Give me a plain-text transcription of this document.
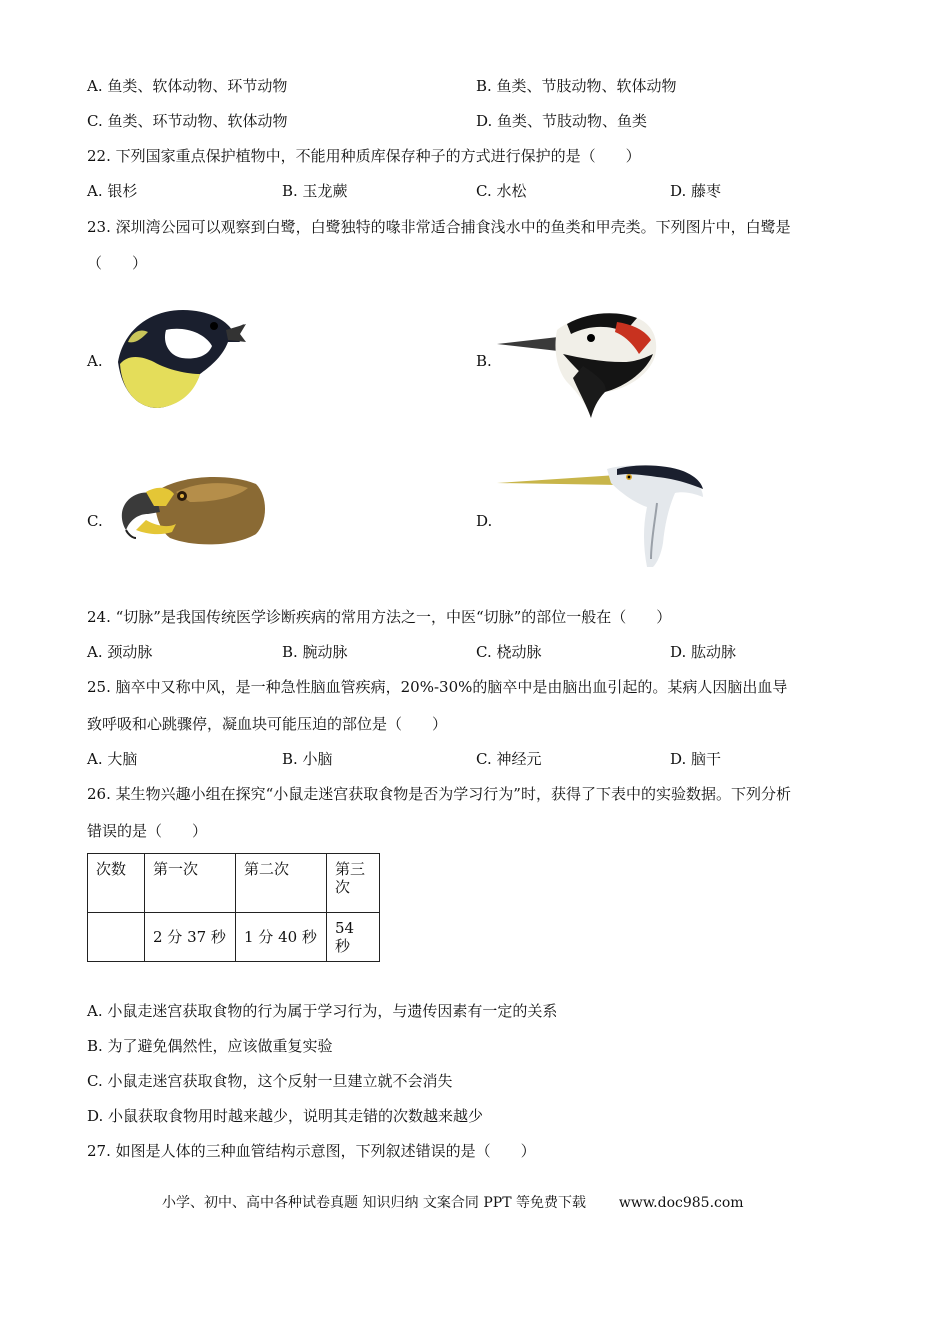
A. 鱼类、软体动物、环节动物	B. 鱼类、节肢动物、软体动物
C. 鱼类、环节动物、软体动物	D. 鱼类、节肢动物、鱼类
22. 下列国家重点保护植物中，不能用种质库保存种子的方式进行保护的是（　　）
A. 银杉	B. 玉龙蕨	C. 水松	D. 藤枣
23. 深圳湾公园可以观察到白鹭，白鹭独特的喙非常适合捕食浅水中的鱼类和甲壳类。下列图片中，白鹭是
（　　）
A.	B.
C.	D.
24. “切脉”是我国传统医学诊断疾病的常用方法之一，中医“切脉”的部位一般在（　　）
A. 颈动脉	B. 腕动脉	C. 桡动脉	D. 肱动脉
25. 脑卒中又称中风，是一种急性脑血管疾病，20%-30%的脑卒中是由脑出血引起的。某病人因脑出血导
致呼吸和心跳骤停，凝血块可能压迫的部位是（　　）
A. 大脑	B. 小脑	C. 神经元	D. 脑干
26. 某生物兴趣小组在探究“小鼠走迷宫获取食物是否为学习行为”时，获得了下表中的实验数据。下列分析
错误的是（　　）
次数	第一次	第二次	第三次
	2 分 37 秒	1 分 40 秒	54 秒
A. 小鼠走迷宫获取食物的行为属于学习行为，与遗传因素有一定的关系
B. 为了避免偶然性，应该做重复实验
C. 小鼠走迷宫获取食物，这个反射一旦建立就不会消失
D. 小鼠获取食物用时越来越少，说明其走错的次数越来越少
27. 如图是人体的三种血管结构示意图，下列叙述错误的是（　　）
小学、初中、高中各种试卷真题 知识归纳 文案合同 PPT 等免费下载 www.doc985.com
